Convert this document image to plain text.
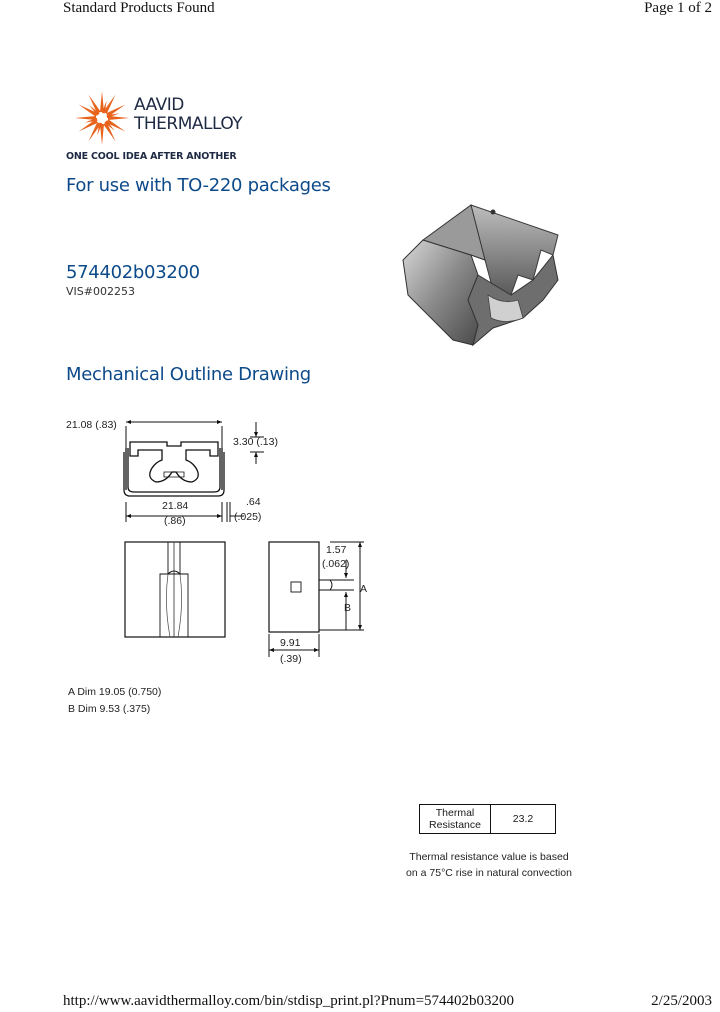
Standard Products Found	Page 1 of 2
AAVID
THERMALLOY
ONE COOL IDEA AFTER ANOTHER
For use with TO-220 packages
574402b03200
VIS#002253
Mechanical Outline Drawing
21.08 (.83)
3.30 (.13)
21.84
(.86)
.64
(.025)
1.57
(.062)
A
B
9.91
(.39)
A Dim 19.05 (0.750)
B Dim 9.53 (.375)
Thermal
Resistance	23.2
Thermal resistance value is based
on a 75°C rise in natural convection
http://www.aavidthermalloy.com/bin/stdisp_print.pl?Pnum=574402b03200	2/25/2003
